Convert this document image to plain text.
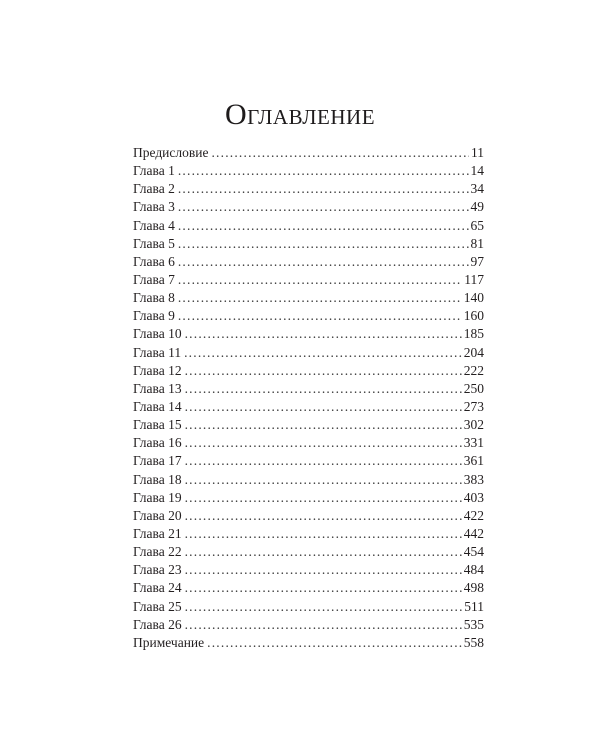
Оглавление
Предисловие .....	11
Глава 1 .....	14
Глава 2 .....	34
Глава 3 .....	49
Глава 4 .....	65
Глава 5 .....	81
Глава 6 .....	97
Глава 7 .....	117
Глава 8 .....	140
Глава 9 .....	160
Глава 10 .....	185
Глава 11 .....	204
Глава 12 .....	222
Глава 13 .....	250
Глава 14 .....	273
Глава 15 .....	302
Глава 16 .....	331
Глава 17 .....	361
Глава 18 .....	383
Глава 19 .....	403
Глава 20 .....	422
Глава 21 .....	442
Глава 22 .....	454
Глава 23 .....	484
Глава 24 .....	498
Глава 25 .....	511
Глава 26 .....	535
Примечание .....	558
